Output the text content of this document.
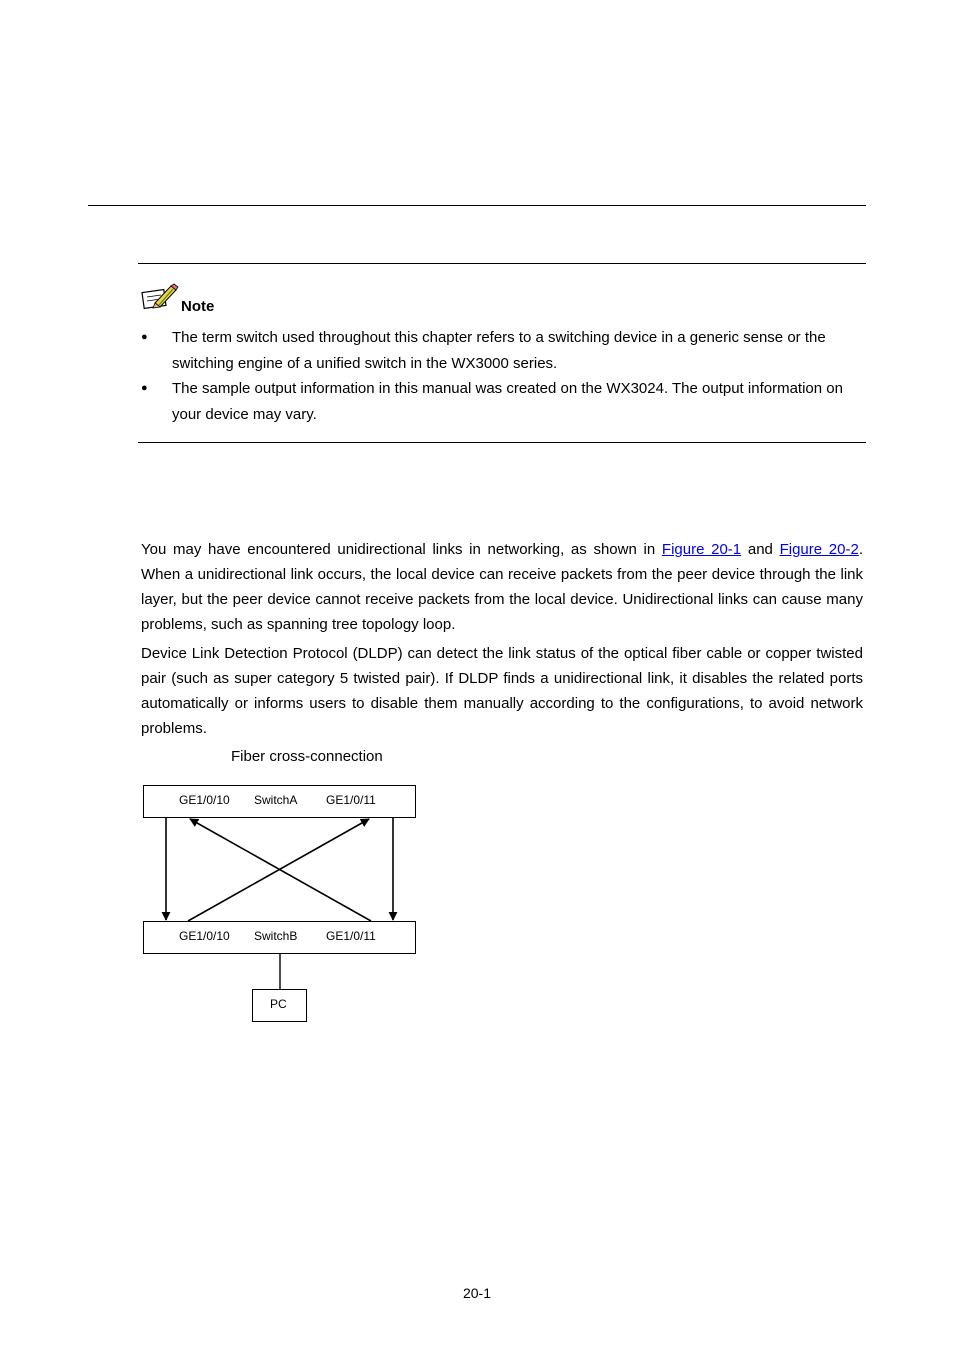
Note
● The term switch used throughout this chapter refers to a switching device in a generic sense or the switching engine of a unified switch in the WX3000 series.
● The sample output information in this manual was created on the WX3024. The output information on your device may vary.

You may have encountered unidirectional links in networking, as shown in Figure 20-1 and Figure 20-2. When a unidirectional link occurs, the local device can receive packets from the peer device through the link layer, but the peer device cannot receive packets from the local device. Unidirectional links can cause many problems, such as spanning tree topology loop.

Device Link Detection Protocol (DLDP) can detect the link status of the optical fiber cable or copper twisted pair (such as super category 5 twisted pair). If DLDP finds a unidirectional link, it disables the related ports automatically or informs users to disable them manually according to the configurations, to avoid network problems.

Fiber cross-connection
GE1/0/10 SwitchA GE1/0/11
GE1/0/10 SwitchB GE1/0/11
PC
20-1
